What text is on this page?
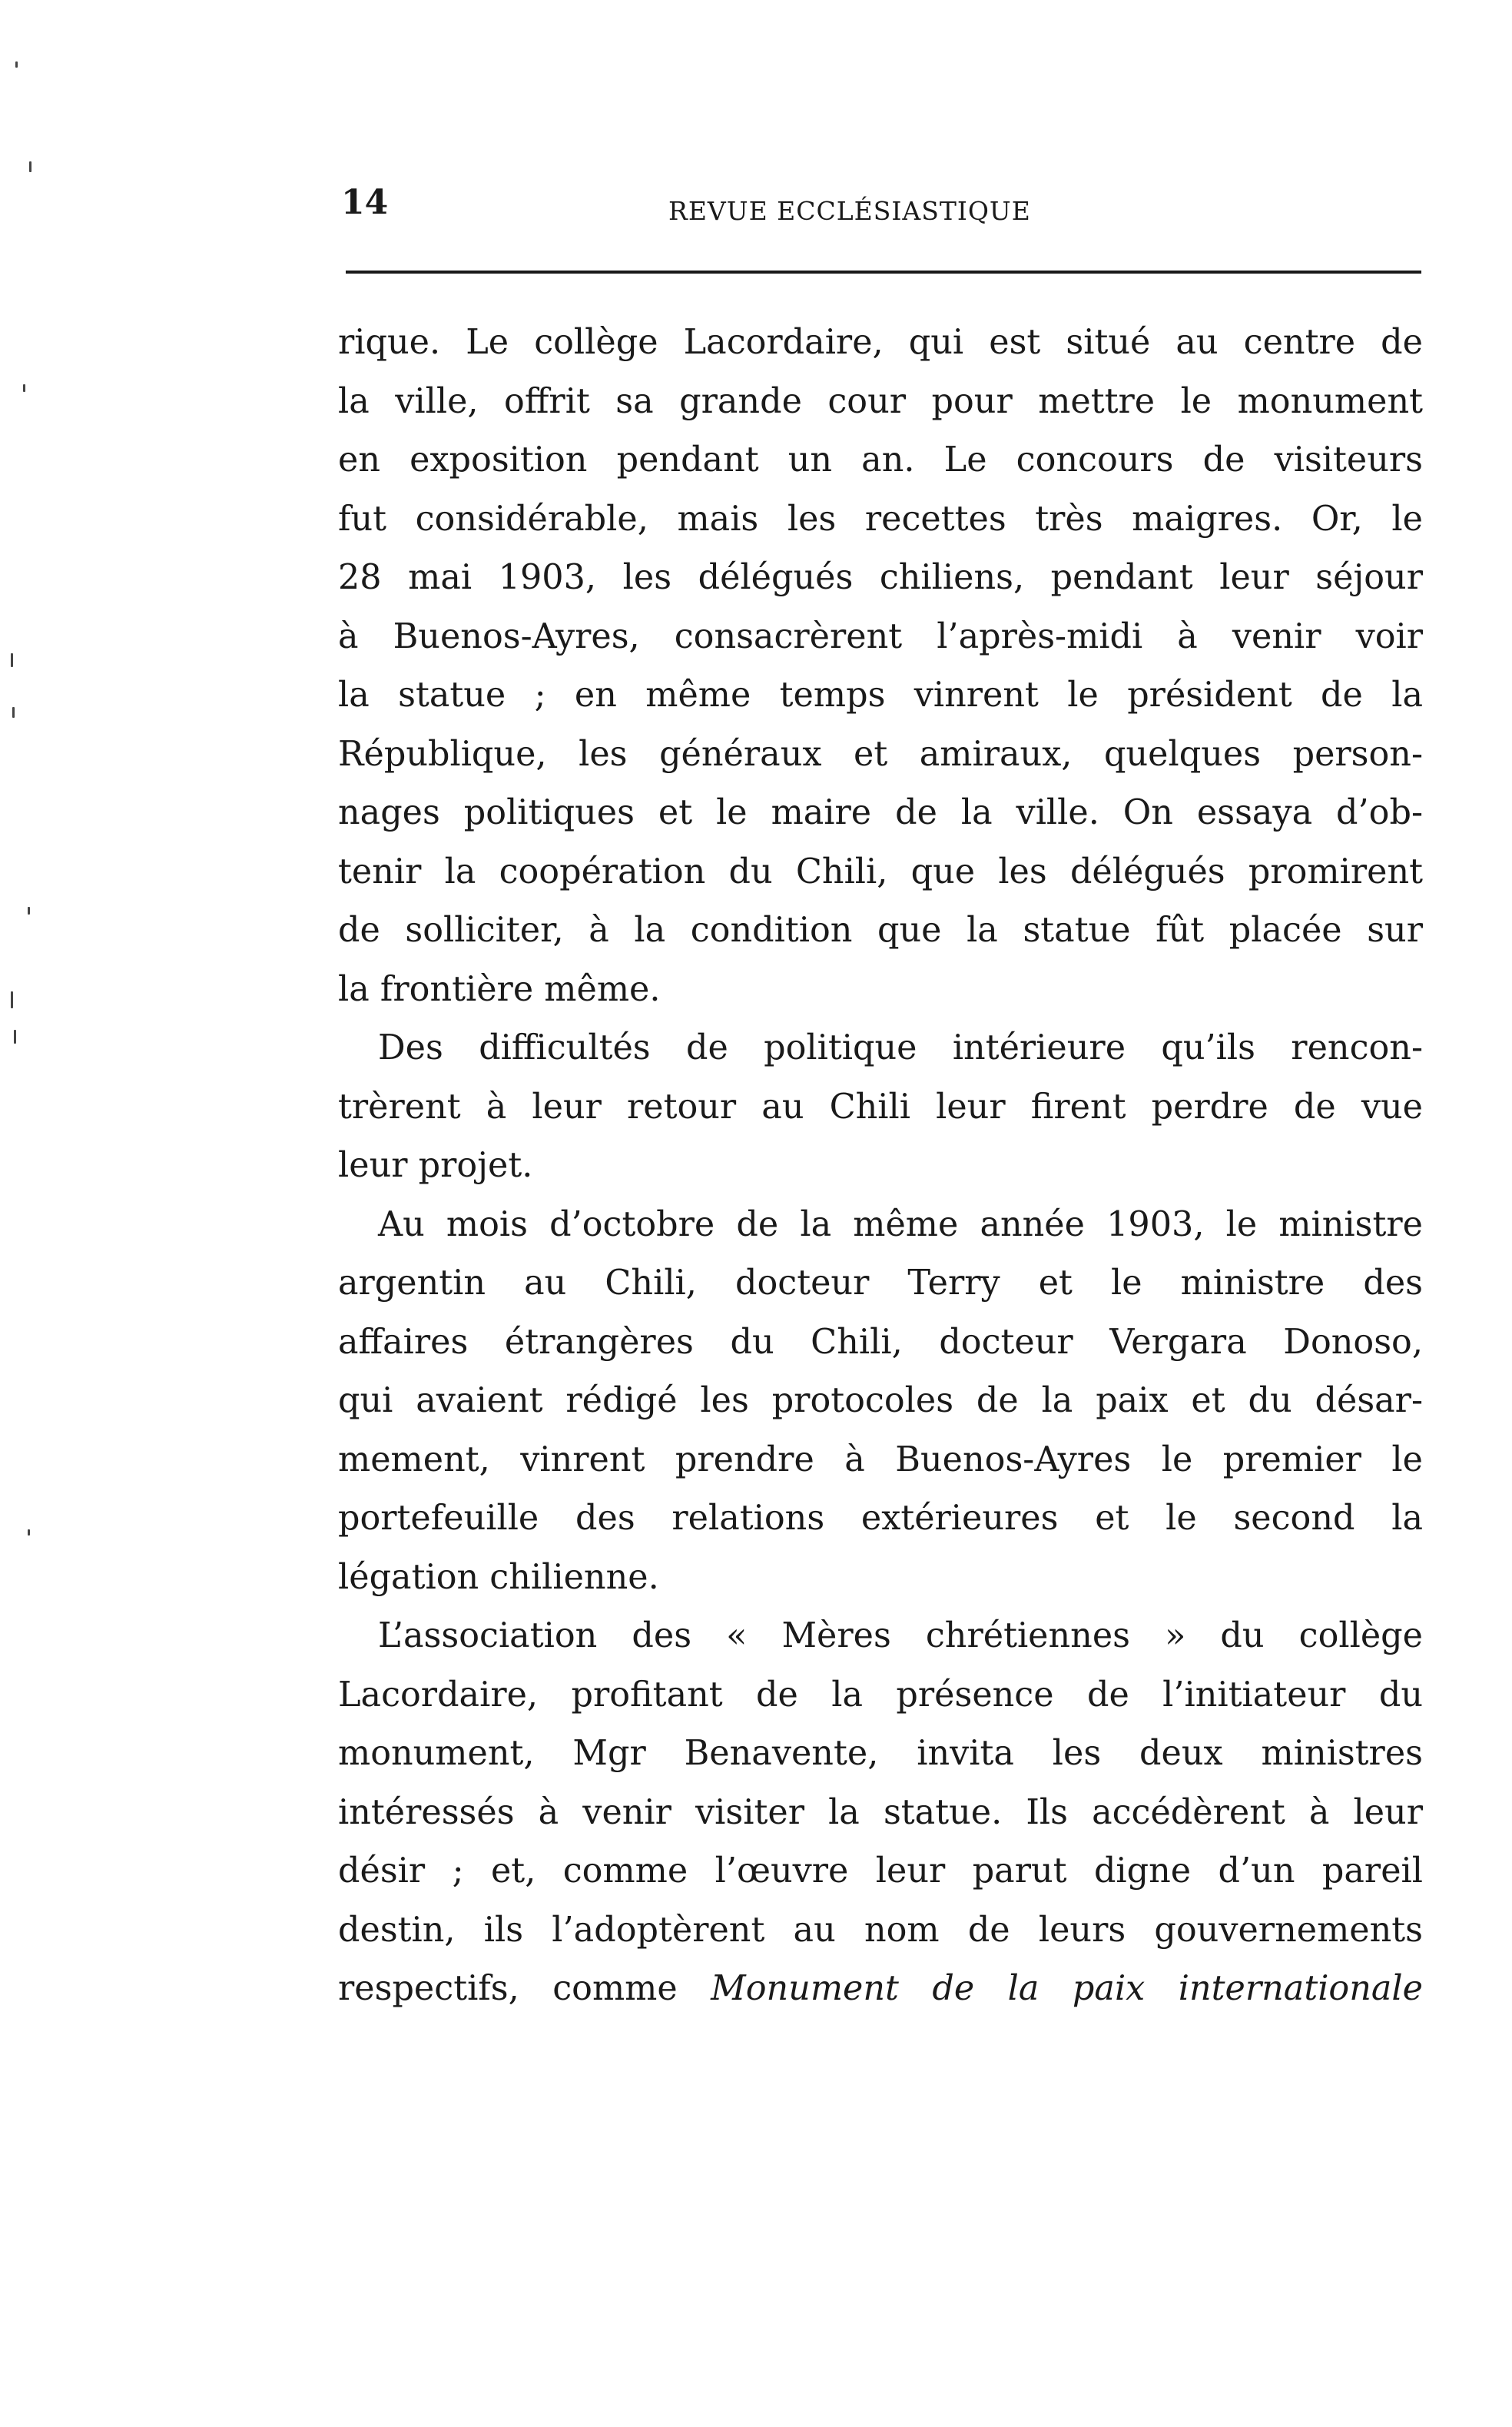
14	REVUE ECCLÉSIASTIQUE

rique. Le collège Lacordaire, qui est situé au centre de
la ville, offrit sa grande cour pour mettre le monument
en exposition pendant un an. Le concours de visiteurs
fut considérable, mais les recettes très maigres. Or, le
28 mai 1903, les délégués chiliens, pendant leur séjour
à Buenos-Ayres, consacrèrent l’après-midi à venir voir
la statue ; en même temps vinrent le président de la
République, les généraux et amiraux, quelques person-
nages politiques et le maire de la ville. On essaya d’ob-
tenir la coopération du Chili, que les délégués promirent
de solliciter, à la condition que la statue fût placée sur
la frontière même.

Des difficultés de politique intérieure qu’ils rencon-
trèrent à leur retour au Chili leur firent perdre de vue
leur projet.

Au mois d’octobre de la même année 1903, le ministre
argentin au Chili, docteur Terry et le ministre des
affaires étrangères du Chili, docteur Vergara Donoso,
qui avaient rédigé les protocoles de la paix et du désar-
mement, vinrent prendre à Buenos-Ayres le premier le
portefeuille des relations extérieures et le second la
légation chilienne.

L’association des « Mères chrétiennes » du collège
Lacordaire, profitant de la présence de l’initiateur du
monument, Mgr Benavente, invita les deux ministres
intéressés à venir visiter la statue. Ils accédèrent à leur
désir ; et, comme l’œuvre leur parut digne d’un pareil
destin, ils l’adoptèrent au nom de leurs gouvernements
respectifs, comme Monument de la paix internationale
